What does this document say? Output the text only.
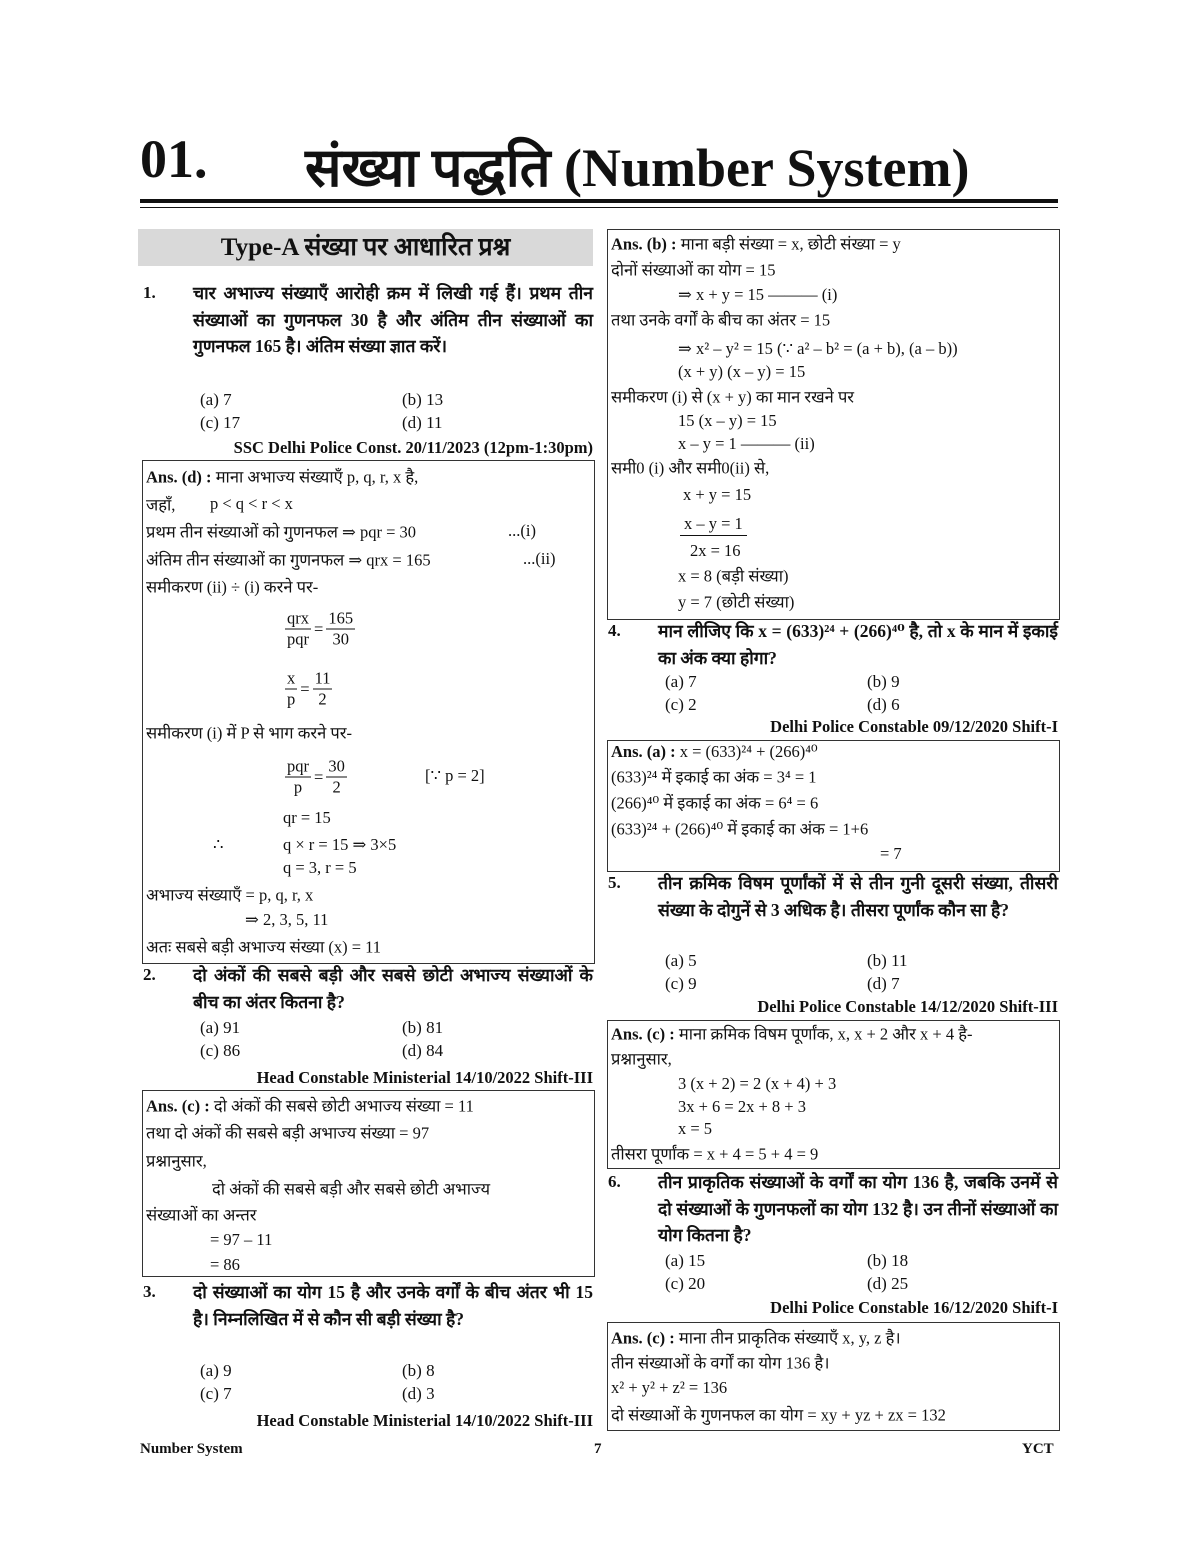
01. संख्या पद्धति (Number System)
Type-A संख्या पर आधारित प्रश्न
1. चार अभाज्य संख्याएँ आरोही क्रम में लिखी गई हैं। प्रथम तीन संख्याओं का गुणनफल 30 है और अंतिम तीन संख्याओं का गुणनफल 165 है। अंतिम संख्या ज्ञात करें।
(a) 7	(b) 13
(c) 17	(d) 11
SSC Delhi Police Const. 20/11/2023 (12pm-1:30pm)
2. दो अंकों की सबसे बड़ी और सबसे छोटी अभाज्य संख्याओं के बीच का अंतर कितना है?
(a) 91	(b) 81
(c) 86	(d) 84
Head Constable Ministerial 14/10/2022 Shift-III
3. दो संख्याओं का योग 15 है और उनके वर्गों के बीच अंतर भी 15 है। निम्नलिखित में से कौन सी बड़ी संख्या है?
(a) 9	(b) 8
(c) 7	(d) 3
Head Constable Ministerial 14/10/2022 Shift-III
4. मान लीजिए कि x = (633)²⁴ + (266)⁴⁰ है, तो x के मान में इकाई का अंक क्या होगा?
(a) 7	(b) 9
(c) 2	(d) 6
Delhi Police Constable 09/12/2020 Shift-I
5. तीन क्रमिक विषम पूर्णांकों में से तीन गुनी दूसरी संख्या, तीसरी संख्या के दोगुनें से 3 अधिक है। तीसरा पूर्णांक कौन सा है?
(a) 5	(b) 11
(c) 9	(d) 7
Delhi Police Constable 14/12/2020 Shift-III
6. तीन प्राकृतिक संख्याओं के वर्गों का योग 136 है, जबकि उनमें से दो संख्याओं के गुणनफलों का योग 132 है। उन तीनों संख्याओं का योग कितना है?
(a) 15	(b) 18
(c) 20	(d) 25
Delhi Police Constable 16/12/2020 Shift-I
Ans. (d) : माना अभाज्य संख्याएँ p, q, r, x है,
जहाँ, p < q < r < x
प्रथम तीन संख्याओं को गुणनफल ⇒ pqr = 30	...(i)
अंतिम तीन संख्याओं का गुणनफल ⇒ qrx = 165	...(ii)
समीकरण (ii) ÷ (i) करने पर-
$\frac{\text{qrx}}{\text{pqr}} = \frac{165}{30}$
$\frac{x}{p} = \frac{11}{2}$
समीकरण (i) में P से भाग करने पर-
$\frac{\text{pqr}}{p} = \frac{30}{2}$	[∵ p = 2]
qr = 15
∴	q × r = 15 ⇒ 3×5
q = 3, r = 5
अभाज्य संख्याएँ = p, q, r, x
⇒ 2, 3, 5, 11
अतः सबसे बड़ी अभाज्य संख्या (x) = 11
Ans. (c) : दो अंकों की सबसे छोटी अभाज्य संख्या = 11
तथा दो अंकों की सबसे बड़ी अभाज्य संख्या = 97
प्रश्नानुसार,
दो अंकों की सबसे बड़ी और सबसे छोटी अभाज्य
संख्याओं का अन्तर
= 97 – 11
= 86
Ans. (b) : माना बड़ी संख्या = x, छोटी संख्या = y
दोनों संख्याओं का योग = 15
⇒ x + y = 15 ——— (i)
तथा उनके वर्गों के बीच का अंतर = 15
⇒ x² – y² = 15 (∵ a² – b² = (a + b), (a – b))
(x + y) (x – y) = 15
समीकरण (i) से (x + y) का मान रखने पर
15 (x – y) = 15
x – y = 1 ——— (ii)
समी0 (i) और समी0(ii) से,
x + y = 15
x – y = 1
2x = 16
x = 8 (बड़ी संख्या)
y = 7 (छोटी संख्या)
Ans. (a) : x = (633)²⁴ + (266)⁴⁰
(633)²⁴ में इकाई का अंक = 3⁴ = 1
(266)⁴⁰ में इकाई का अंक = 6⁴ = 6
(633)²⁴ + (266)⁴⁰ में इकाई का अंक = 1+6
= 7
Ans. (c) : माना क्रमिक विषम पूर्णांक, x, x + 2 और x + 4 है-
प्रश्नानुसार,
3 (x + 2) = 2 (x + 4) + 3
3x + 6 = 2x + 8 + 3
x = 5
तीसरा पूर्णांक = x + 4 = 5 + 4 = 9
Ans. (c) : माना तीन प्राकृतिक संख्याएँ x, y, z है।
तीन संख्याओं के वर्गों का योग 136 है।
x² + y² + z² = 136
दो संख्याओं के गुणनफल का योग = xy + yz + zx = 132
Number System	7	YCT
